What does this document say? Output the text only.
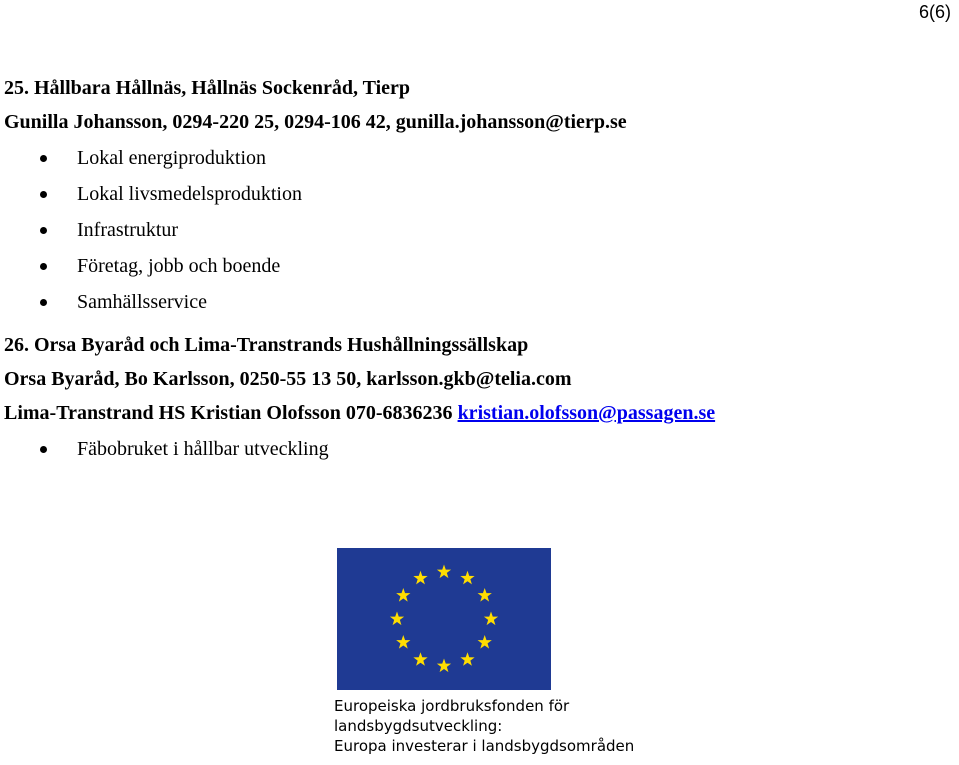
6(6)
25. Hållbara Hållnäs, Hållnäs Sockenråd, Tierp
Gunilla Johansson, 0294-220 25, 0294-106 42, gunilla.johansson@tierp.se
Lokal energiproduktion
Lokal livsmedelsproduktion
Infrastruktur
Företag, jobb och boende
Samhällsservice
26. Orsa Byaråd och Lima-Transtrands Hushållningssällskap
Orsa Byaråd, Bo Karlsson, 0250-55 13 50, karlsson.gkb@telia.com
Lima-Transtrand HS Kristian Olofsson 070-6836236 kristian.olofsson@passagen.se
Fäbobruket i hållbar utveckling
Europeiska jordbruksfonden för
landsbygdsutveckling:
Europa investerar i landsbygdsområden
